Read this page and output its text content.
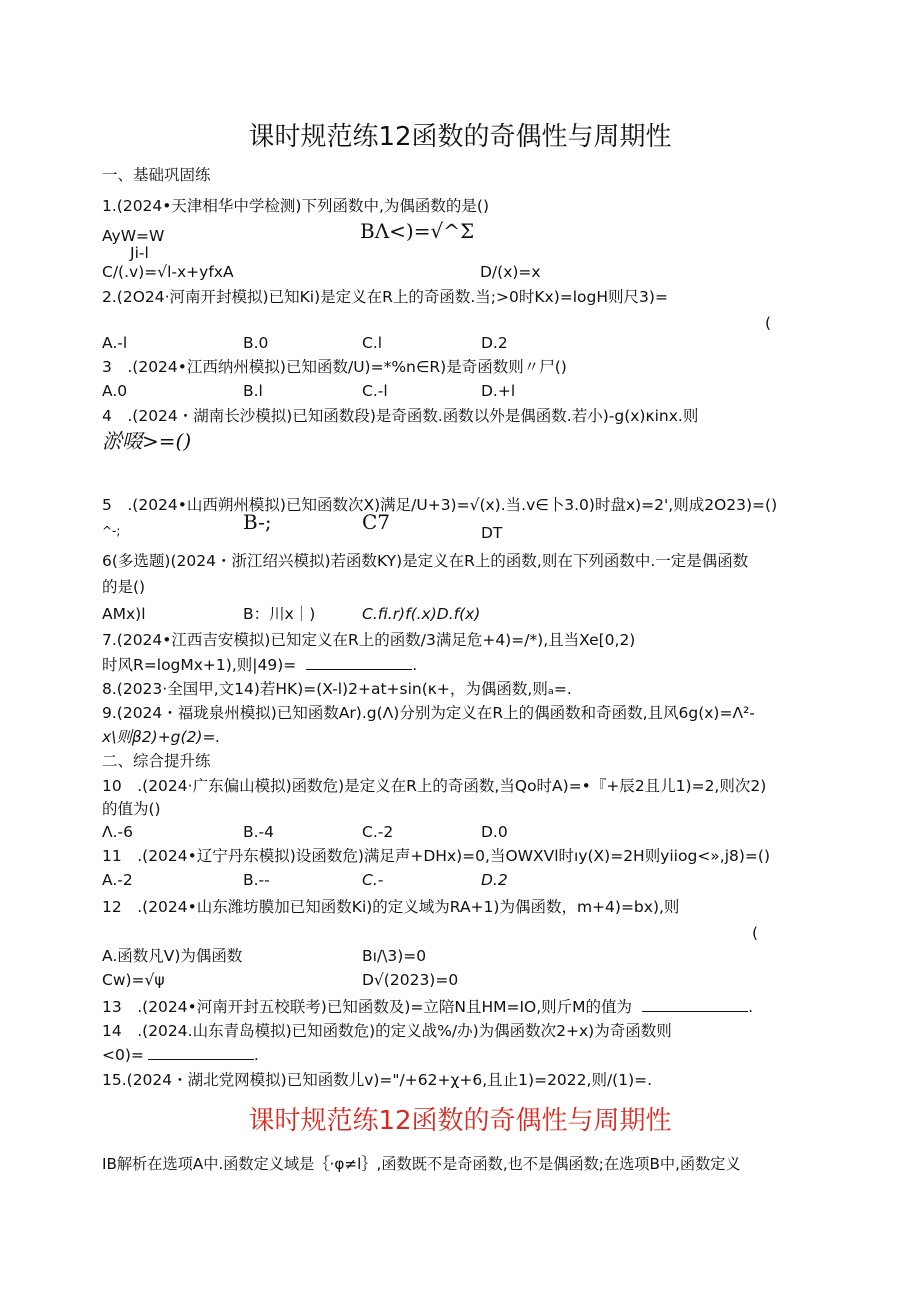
课时规范练12函数的奇偶性与周期性
一、基础巩固练
1.(2024•天津相华中学检测)下列函数中,为偶函数的是()
AyW=W	BΛ<)=√^Σ
Ji-l
C/(.v)=√l-x+yfxA	D/(x)=x
2.(2O24·河南开封模拟)已知Ki)是定义在R上的奇函数.当;>0时Kx)=logH则尺3)=
(
A.-l	B.0	C.l	D.2
3　.(2024•江西纳州模拟)已知函数/U)=*%n∈R)是奇函数则〃尸()
A.0	B.l	C.-l	D.+l
4　.(2024・湖南长沙模拟)已知函数段)是奇函数.函数以外是偶函数.若小)-g(x)κinx.则
淤啜>=()
5　.(2024•山西朔州模拟)已知函数次X)满足/U+3)=√(x).当.v∈卜3.0)时盘x)=2',则成2O23)=()
^-;	B-;	C7	DT
6(多选题)(2024・浙江绍兴模拟)若函数KY)是定义在R上的函数,则在下列函数中.一定是偶函数
的是()
AMx)l	B：川x｜)	C.fi.r)f(.x)D.f(x)
7.(2024•江西吉安模拟)已知定义在R上的函数/3满足危+4)=/*),且当Xe[0,2)
时风R=logMx+1),则|49)=	.
8.(2023·全国甲,文14)若HK)=(X-l)2+at+sin(κ+，为偶函数,则ₐ=.
9.(2024・福珑泉州模拟)已知函数Ar).g(Λ)分别为定义在R上的偶函数和奇函数,且风6g(x)=Λ²-
x\则β2)+g(2)=.
二、综合提升练
10　.(2024·广东偏山模拟)函数危)是定义在R上的奇函数,当Qo时A)=•『+辰2且儿1)=2,则次2)
的值为()
Λ.-6	B.-4	C.-2	D.0
11　.(2024•辽宁丹东模拟)设函数危)满足声+DHx)=0,当OWXVl时ıy(X)=2H则yiiog<»,j8)=()
A.-2	B.--	C.-	D.2
12　.(2024•山东潍坊膜加已知函数Ki)的定义域为RA+1)为偶函数，m+4)=bx),则
(
A.函数凡V)为偶函数	Bı∕\3)=0
Cw)=√ψ	D√(2023)=0
13　.(2024•河南开封五校联考)已知函数及)=立陪N且HM=IO,则斤M的值为	.
14　.(2024.山东青岛模拟)已知函数危)的定义战%/办)为偶函数次2+x)为奇函数则
<0)=	.
15.(2024・湖北党网模拟)已知函数儿v)="/+62+χ+6,且止1)=2022,则/(1)=.
课时规范练12函数的奇偶性与周期性
IB解析在选项A中.函数定义域是｛·φ≠l｝,函数既不是奇函数,也不是偶函数;在选项B中,函数定义
